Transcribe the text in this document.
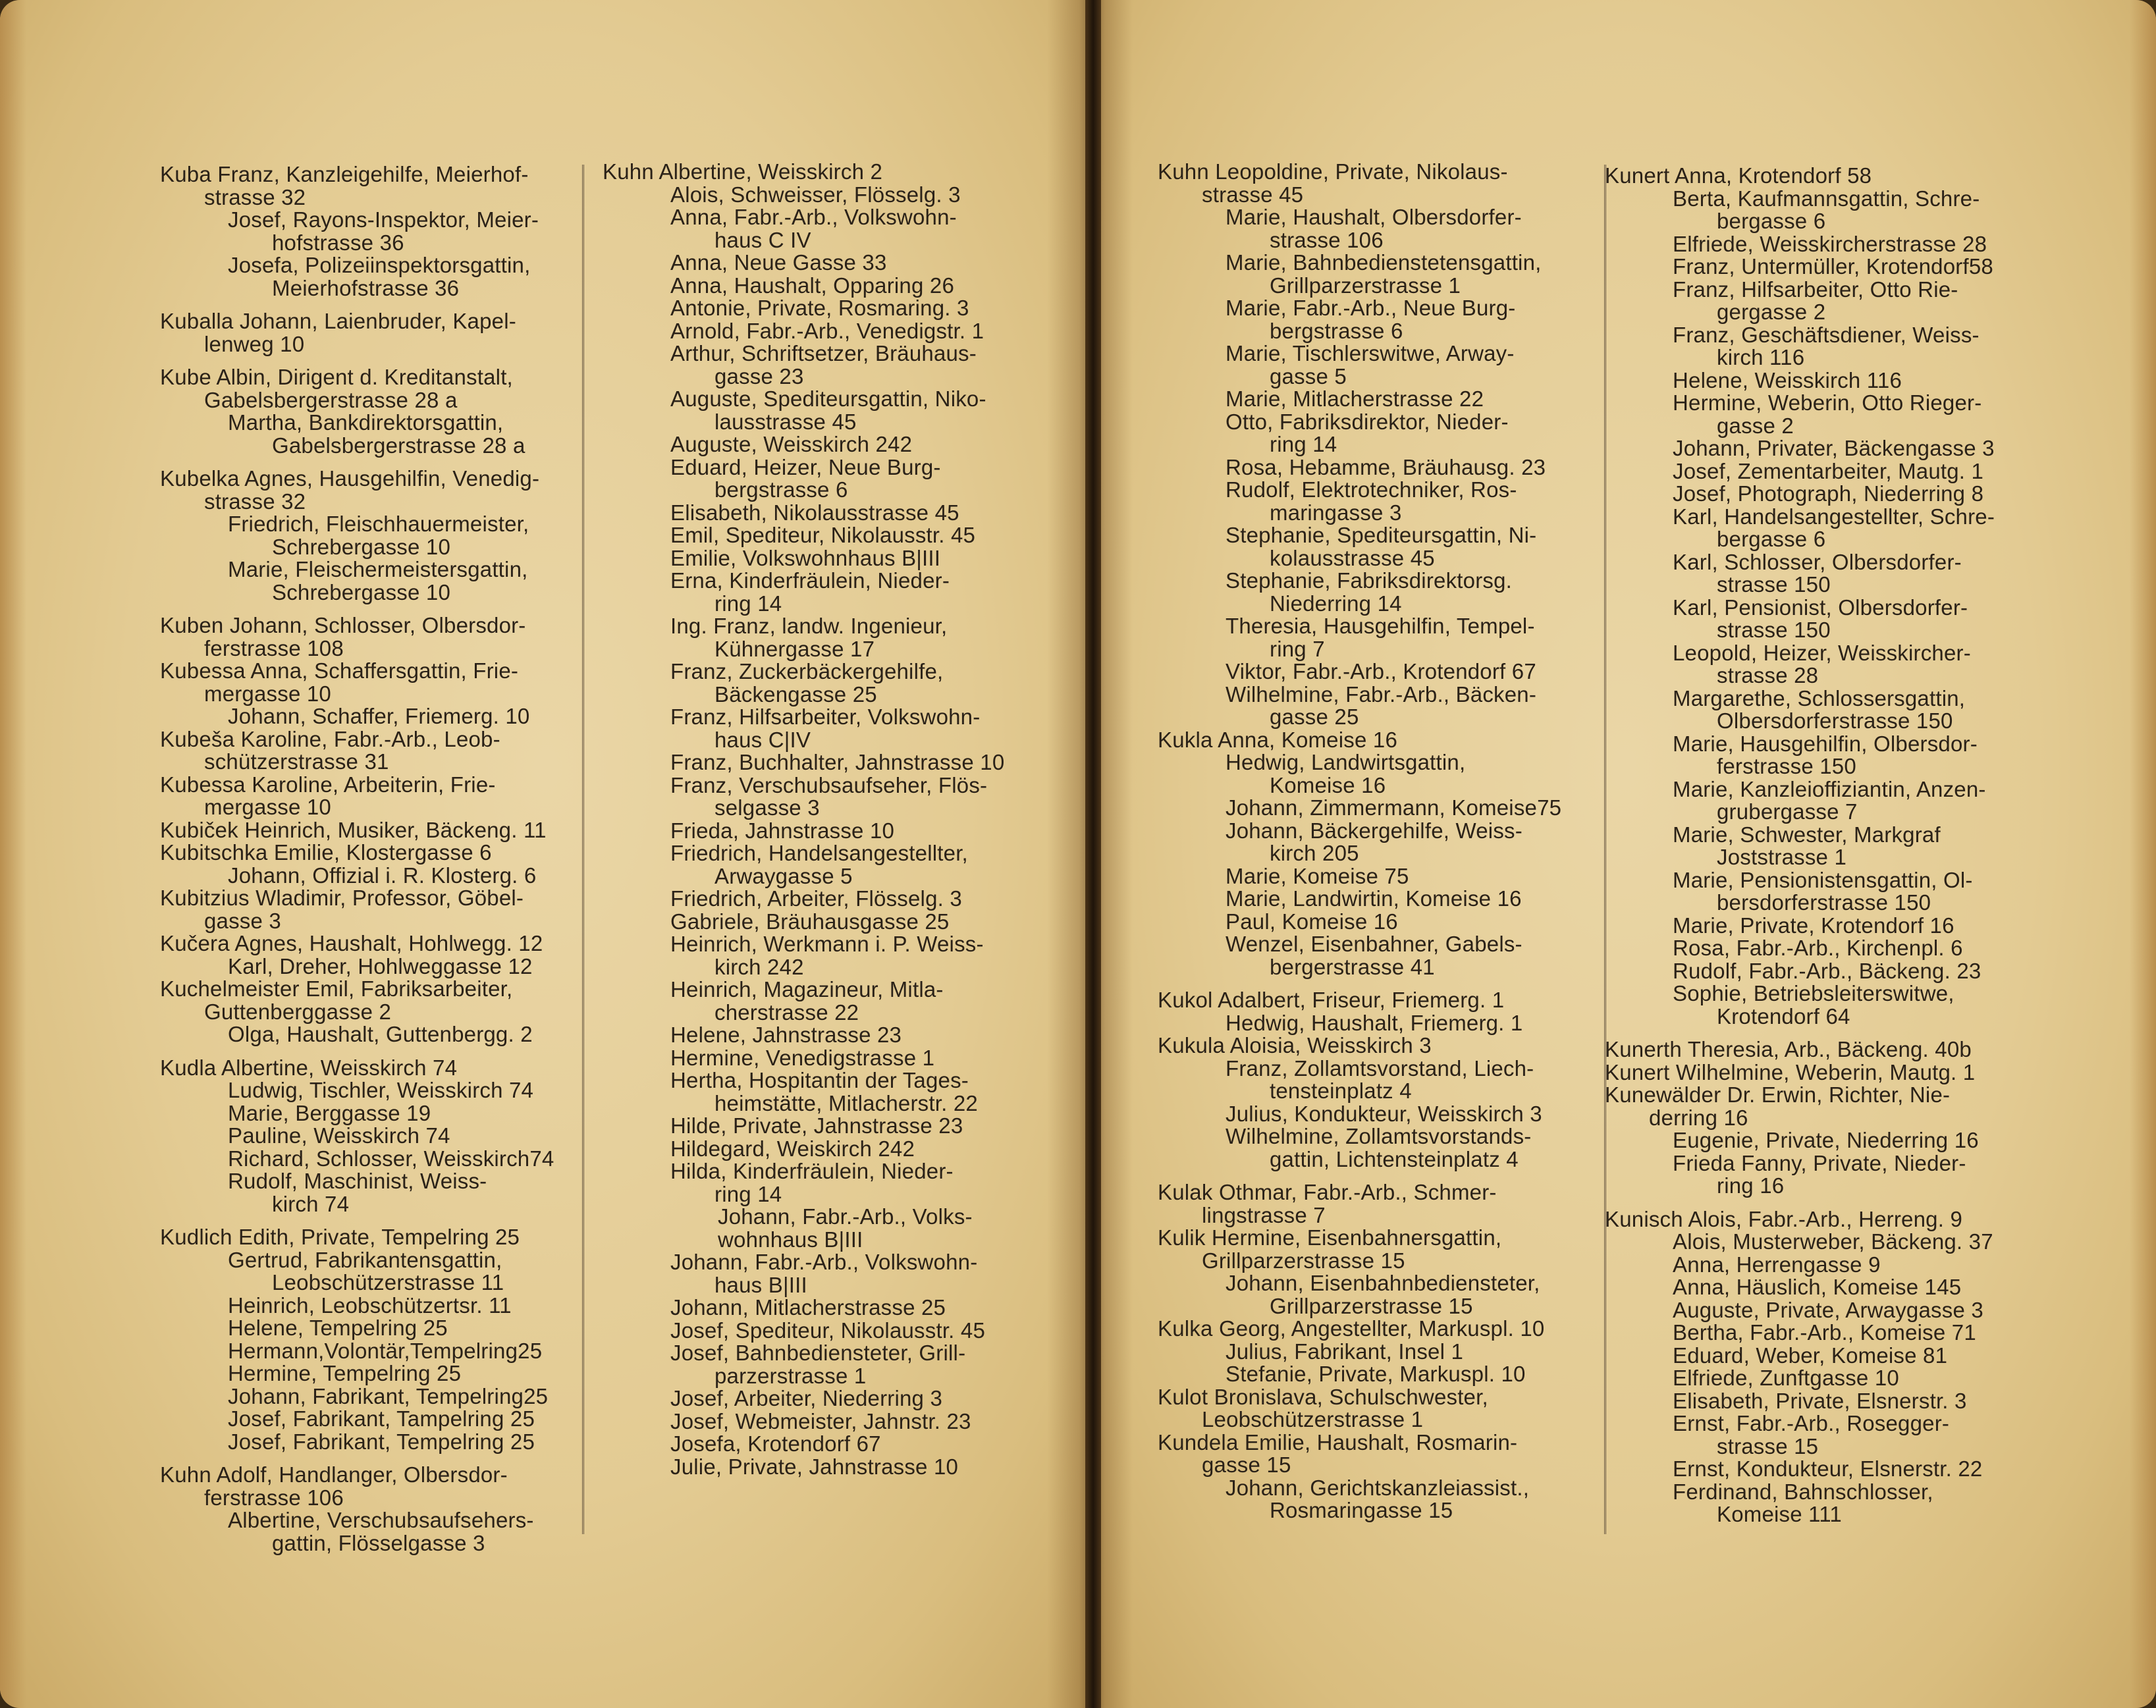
Kuba Franz, Kanzleigehilfe, Meierhof-
strasse 32
Josef, Rayons-Inspektor, Meier-
hofstrasse 36
Josefa, Polizeiinspektorsgattin,
Meierhofstrasse 36
Kuballa Johann, Laienbruder, Kapel-
lenweg 10
Kube Albin, Dirigent d. Kreditanstalt,
Gabelsbergerstrasse 28 a
Martha, Bankdirektorsgattin,
Gabelsbergerstrasse 28 a
Kubelka Agnes, Hausgehilfin, Venedig-
strasse 32
Friedrich, Fleischhauermeister,
Schrebergasse 10
Marie, Fleischermeistersgattin,
Schrebergasse 10
Kuben Johann, Schlosser, Olbersdor-
ferstrasse 108
Kubessa Anna, Schaffersgattin, Frie-
mergasse 10
Johann, Schaffer, Friemerg. 10
Kubeša Karoline, Fabr.-Arb., Leob-
schützerstrasse 31
Kubessa Karoline, Arbeiterin, Frie-
mergasse 10
Kubiček Heinrich, Musiker, Bäckeng. 11
Kubitschka Emilie, Klostergasse 6
Johann, Offizial i. R. Klosterg. 6
Kubitzius Wladimir, Professor, Göbel-
gasse 3
Kučera Agnes, Haushalt, Hohlwegg. 12
Karl, Dreher, Hohlweggasse 12
Kuchelmeister Emil, Fabriksarbeiter,
Guttenberggasse 2
Olga, Haushalt, Guttenbergg. 2
Kudla Albertine, Weisskirch 74
Ludwig, Tischler, Weisskirch 74
Marie, Berggasse 19
Pauline, Weisskirch 74
Richard, Schlosser, Weisskirch74
Rudolf, Maschinist, Weiss-
kirch 74
Kudlich Edith, Private, Tempelring 25
Gertrud, Fabrikantensgattin,
Leobschützerstrasse 11
Heinrich, Leobschützertsr. 11
Helene, Tempelring 25
Hermann,Volontär,Tempelring25
Hermine, Tempelring 25
Johann, Fabrikant, Tempelring25
Josef, Fabrikant, Tampelring 25
Josef, Fabrikant, Tempelring 25
Kuhn Adolf, Handlanger, Olbersdor-
ferstrasse 106
Albertine, Verschubsaufsehers-
gattin, Flösselgasse 3
Kuhn Albertine, Weisskirch 2
Alois, Schweisser, Flösselg. 3
Anna, Fabr.-Arb., Volkswohn-
haus C IV
Anna, Neue Gasse 33
Anna, Haushalt, Opparing 26
Antonie, Private, Rosmaring. 3
Arnold, Fabr.-Arb., Venedigstr. 1
Arthur, Schriftsetzer, Bräuhaus-
gasse 23
Auguste, Spediteursgattin, Niko-
lausstrasse 45
Auguste, Weisskirch 242
Eduard, Heizer, Neue Burg-
bergstrasse 6
Elisabeth, Nikolausstrasse 45
Emil, Spediteur, Nikolausstr. 45
Emilie, Volkswohnhaus B|III
Erna, Kinderfräulein, Nieder-
ring 14
Ing. Franz, landw. Ingenieur,
Kühnergasse 17
Franz, Zuckerbäckergehilfe,
Bäckengasse 25
Franz, Hilfsarbeiter, Volkswohn-
haus C|IV
Franz, Buchhalter, Jahnstrasse 10
Franz, Verschubsaufseher, Flös-
selgasse 3
Frieda, Jahnstrasse 10
Friedrich, Handelsangestellter,
Arwaygasse 5
Friedrich, Arbeiter, Flösselg. 3
Gabriele, Bräuhausgasse 25
Heinrich, Werkmann i. P. Weiss-
kirch 242
Heinrich, Magazineur, Mitla-
cherstrasse 22
Helene, Jahnstrasse 23
Hermine, Venedigstrasse 1
Hertha, Hospitantin der Tages-
heimstätte, Mitlacherstr. 22
Hilde, Private, Jahnstrasse 23
Hildegard, Weiskirch 242
Hilda, Kinderfräulein, Nieder-
ring 14
Johann, Fabr.-Arb., Volks-
wohnhaus B|III
Johann, Fabr.-Arb., Volkswohn-
haus B|III
Johann, Mitlacherstrasse 25
Josef, Spediteur, Nikolausstr. 45
Josef, Bahnbediensteter, Grill-
parzerstrasse 1
Josef, Arbeiter, Niederring 3
Josef, Webmeister, Jahnstr. 23
Josefa, Krotendorf 67
Julie, Private, Jahnstrasse 10
Kuhn Leopoldine, Private, Nikolaus-
strasse 45
Marie, Haushalt, Olbersdorfer-
strasse 106
Marie, Bahnbedienstetensgattin,
Grillparzerstrasse 1
Marie, Fabr.-Arb., Neue Burg-
bergstrasse 6
Marie, Tischlerswitwe, Arway-
gasse 5
Marie, Mitlacherstrasse 22
Otto, Fabriksdirektor, Nieder-
ring 14
Rosa, Hebamme, Bräuhausg. 23
Rudolf, Elektrotechniker, Ros-
maringasse 3
Stephanie, Spediteursgattin, Ni-
kolausstrasse 45
Stephanie, Fabriksdirektorsg.
Niederring 14
Theresia, Hausgehilfin, Tempel-
ring 7
Viktor, Fabr.-Arb., Krotendorf 67
Wilhelmine, Fabr.-Arb., Bäcken-
gasse 25
Kukla Anna, Komeise 16
Hedwig, Landwirtsgattin,
Komeise 16
Johann, Zimmermann, Komeise75
Johann, Bäckergehilfe, Weiss-
kirch 205
Marie, Komeise 75
Marie, Landwirtin, Komeise 16
Paul, Komeise 16
Wenzel, Eisenbahner, Gabels-
bergerstrasse 41
Kukol Adalbert, Friseur, Friemerg. 1
Hedwig, Haushalt, Friemerg. 1
Kukula Aloisia, Weisskirch 3
Franz, Zollamtsvorstand, Liech-
tensteinplatz 4
Julius, Kondukteur, Weisskirch 3
Wilhelmine, Zollamtsvorstands-
gattin, Lichtensteinplatz 4
Kulak Othmar, Fabr.-Arb., Schmer-
lingstrasse 7
Kulik Hermine, Eisenbahnersgattin,
Grillparzerstrasse 15
Johann, Eisenbahnbediensteter,
Grillparzerstrasse 15
Kulka Georg, Angestellter, Markuspl. 10
Julius, Fabrikant, Insel 1
Stefanie, Private, Markuspl. 10
Kulot Bronislava, Schulschwester,
Leobschützerstrasse 1
Kundela Emilie, Haushalt, Rosmarin-
gasse 15
Johann, Gerichtskanzleiassist.,
Rosmaringasse 15
Kunert Anna, Krotendorf 58
Berta, Kaufmannsgattin, Schre-
bergasse 6
Elfriede, Weisskircherstrasse 28
Franz, Untermüller, Krotendorf58
Franz, Hilfsarbeiter, Otto Rie-
gergasse 2
Franz, Geschäftsdiener, Weiss-
kirch 116
Helene, Weisskirch 116
Hermine, Weberin, Otto Rieger-
gasse 2
Johann, Privater, Bäckengasse 3
Josef, Zementarbeiter, Mautg. 1
Josef, Photograph, Niederring 8
Karl, Handelsangestellter, Schre-
bergasse 6
Karl, Schlosser, Olbersdorfer-
strasse 150
Karl, Pensionist, Olbersdorfer-
strasse 150
Leopold, Heizer, Weisskircher-
strasse 28
Margarethe, Schlossersgattin,
Olbersdorferstrasse 150
Marie, Hausgehilfin, Olbersdor-
ferstrasse 150
Marie, Kanzleioffiziantin, Anzen-
grubergasse 7
Marie, Schwester, Markgraf
Joststrasse 1
Marie, Pensionistensgattin, Ol-
bersdorferstrasse 150
Marie, Private, Krotendorf 16
Rosa, Fabr.-Arb., Kirchenpl. 6
Rudolf, Fabr.-Arb., Bäckeng. 23
Sophie, Betriebsleiterswitwe,
Krotendorf 64
Kunerth Theresia, Arb., Bäckeng. 40b
Kunert Wilhelmine, Weberin, Mautg. 1
Kunewälder Dr. Erwin, Richter, Nie-
derring 16
Eugenie, Private, Niederring 16
Frieda Fanny, Private, Nieder-
ring 16
Kunisch Alois, Fabr.-Arb., Herreng. 9
Alois, Musterweber, Bäckeng. 37
Anna, Herrengasse 9
Anna, Häuslich, Komeise 145
Auguste, Private, Arwaygasse 3
Bertha, Fabr.-Arb., Komeise 71
Eduard, Weber, Komeise 81
Elfriede, Zunftgasse 10
Elisabeth, Private, Elsnerstr. 3
Ernst, Fabr.-Arb., Rosegger-
strasse 15
Ernst, Kondukteur, Elsnerstr. 22
Ferdinand, Bahnschlosser,
Komeise 111
